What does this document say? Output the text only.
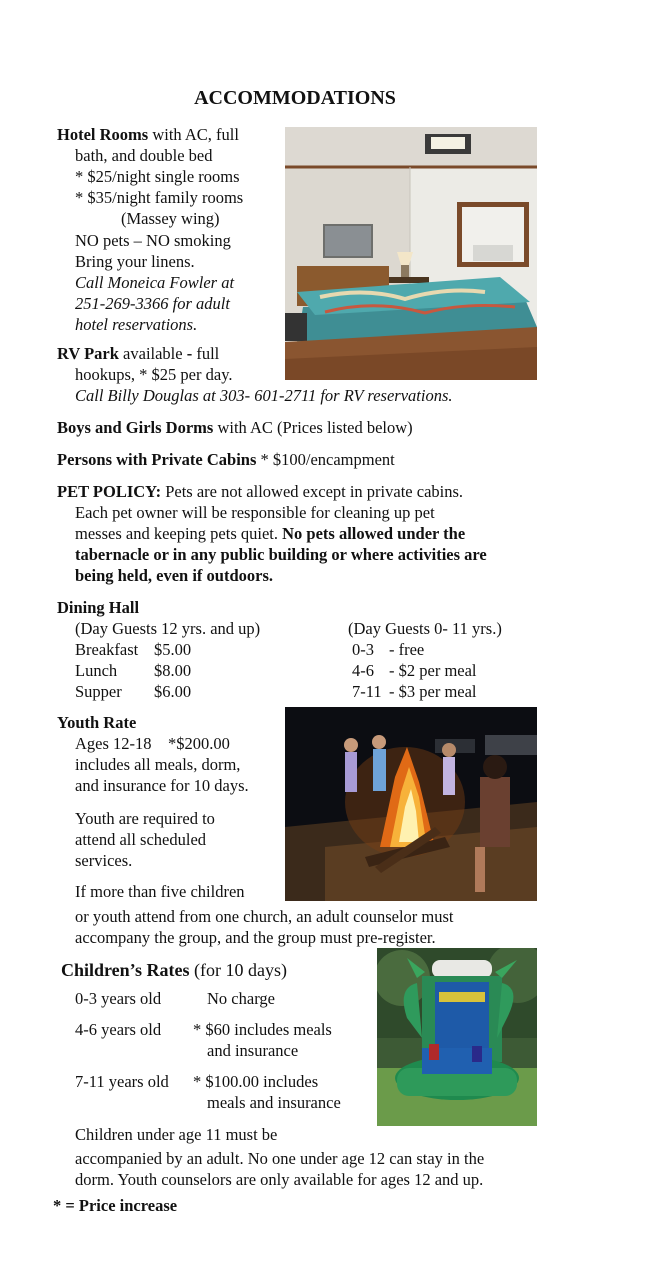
ACCOMMODATIONS
Hotel Rooms with AC, full
bath, and double bed
* $25/night single rooms
* $35/night family rooms
(Massey wing)
NO pets – NO smoking
Bring your linens.
Call Moneica Fowler at
251-269-3366 for adult
hotel reservations.
RV Park available - full
hookups, * $25 per day.
Call Billy Douglas at 303- 601-2711 for RV reservations.
Boys and Girls Dorms with AC (Prices listed below)
Persons with Private Cabins * $100/encampment
PET POLICY: Pets are not allowed except in private cabins.
Each pet owner will be responsible for cleaning up pet
messes and keeping pets quiet. No pets allowed under the
tabernacle or in any public building or where activities are
being held, even if outdoors.
Dining Hall
(Day Guests 12 yrs. and up)	(Day Guests 0- 11 yrs.)
Breakfast $5.00
Lunch $8.00
Supper $6.00
0-3 - free
4-6 - $2 per meal
7-11 - $3 per meal
Youth Rate
Ages 12-18    *$200.00
includes all meals, dorm,
and insurance for 10 days.
Youth are required to
attend all scheduled
services.
If more than five children
or youth attend from one church, an adult counselor must
accompany the group, and the group must pre-register.
Children’s Rates (for 10 days)
0-3 years old	No charge
4-6 years old * $60 includes meals
and insurance
7-11 years old * $100.00 includes
meals and insurance
Children under age 11 must be
accompanied by an adult. No one under age 12 can stay in the
dorm. Youth counselors are only available for ages 12 and up.
* = Price increase
